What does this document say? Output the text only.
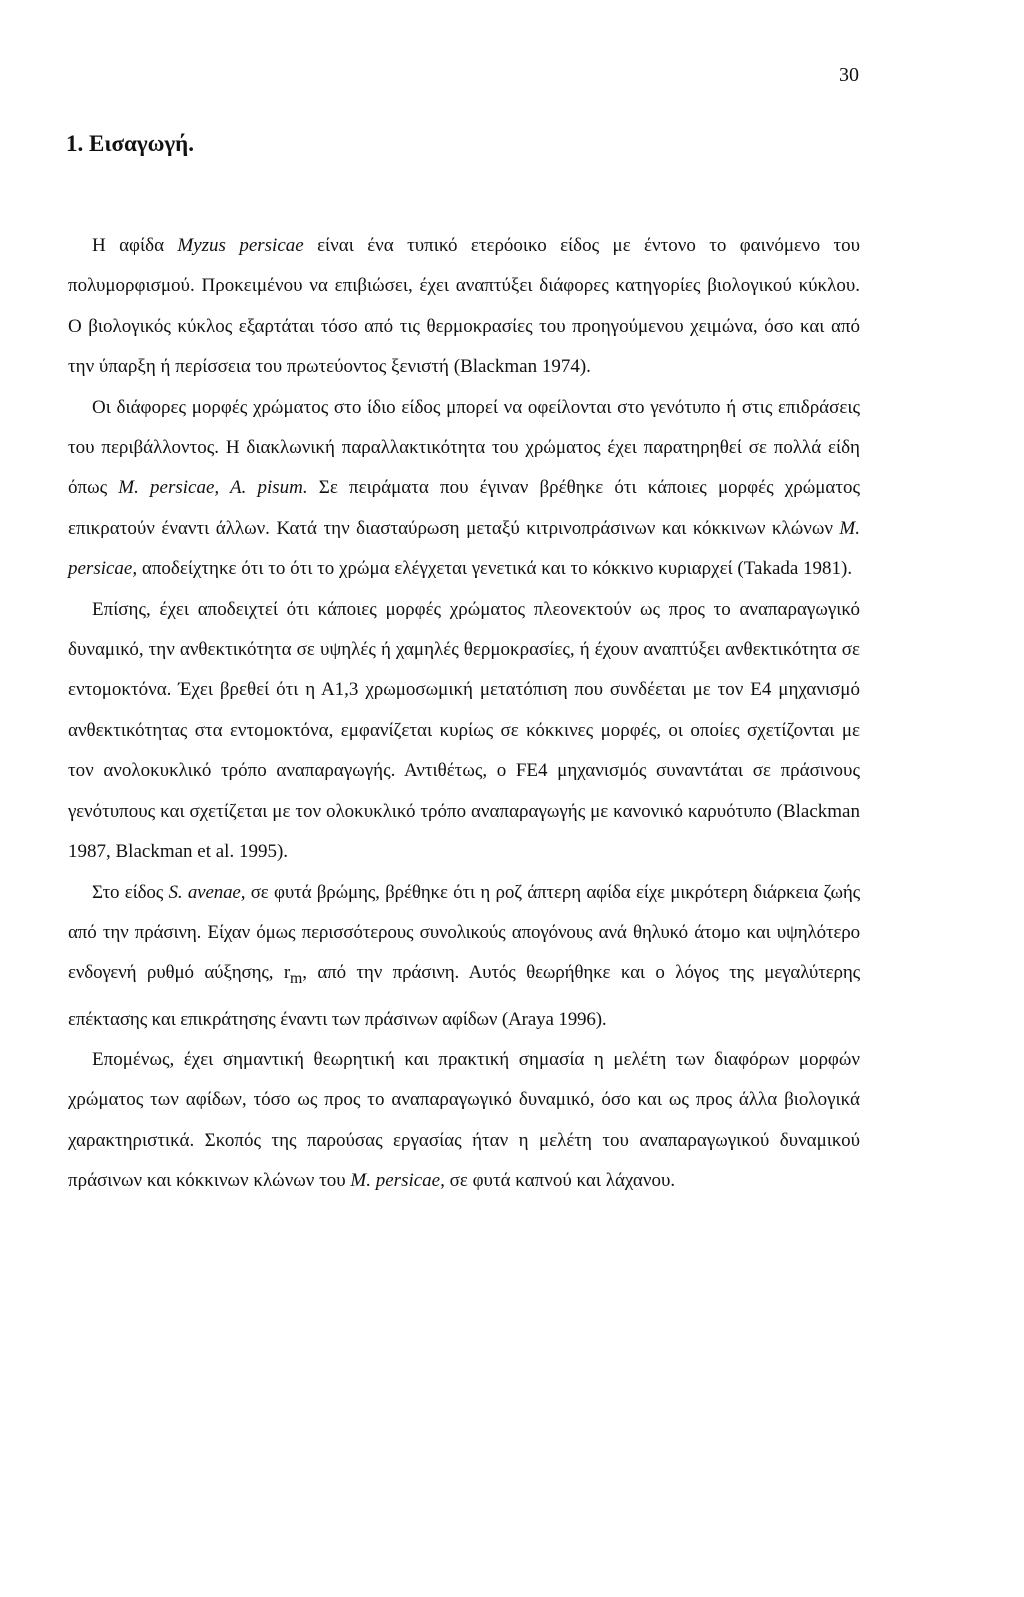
30
1. Εισαγωγή.

Η αφίδα Myzus persicae είναι ένα τυπικό ετερόοικο είδος με έντονο το φαινόμενο του πολυμορφισμού. Προκειμένου να επιβιώσει, έχει αναπτύξει διάφορες κατηγορίες βιολογικού κύκλου. Ο βιολογικός κύκλος εξαρτάται τόσο από τις θερμοκρασίες του προηγούμενου χειμώνα, όσο και από την ύπαρξη ή περίσσεια του πρωτεύοντος ξενιστή (Blackman 1974).

Οι διάφορες μορφές χρώματος στο ίδιο είδος μπορεί να οφείλονται στο γενότυπο ή στις επιδράσεις του περιβάλλοντος. Η διακλωνική παραλλακτικότητα του χρώματος έχει παρατηρηθεί σε πολλά είδη όπως M. persicae, A. pisum. Σε πειράματα που έγιναν βρέθηκε ότι κάποιες μορφές χρώματος επικρατούν έναντι άλλων. Κατά την διασταύρωση μεταξύ κιτρινοπράσινων και κόκκινων κλώνων M. persicae, αποδείχτηκε ότι το ότι το χρώμα ελέγχεται γενετικά και το κόκκινο κυριαρχεί (Takada 1981).

Επίσης, έχει αποδειχτεί ότι κάποιες μορφές χρώματος πλεονεκτούν ως προς το αναπαραγωγικό δυναμικό, την ανθεκτικότητα σε υψηλές ή χαμηλές θερμοκρασίες, ή έχουν αναπτύξει ανθεκτικότητα σε εντομοκτόνα. Έχει βρεθεί ότι η Α1,3 χρωμοσωμική μετατόπιση που συνδέεται με τον Ε4 μηχανισμό ανθεκτικότητας στα εντομοκτόνα, εμφανίζεται κυρίως σε κόκκινες μορφές, οι οποίες σχετίζονται με τον ανολοκυκλικό τρόπο αναπαραγωγής. Αντιθέτως, ο FE4 μηχανισμός συναντάται σε πράσινους γενότυπους και σχετίζεται με τον ολοκυκλικό τρόπο αναπαραγωγής με κανονικό καρυότυπο (Blackman 1987, Blackman et al. 1995).

Στο είδος S. avenae, σε φυτά βρώμης, βρέθηκε ότι η ροζ άπτερη αφίδα είχε μικρότερη διάρκεια ζωής από την πράσινη. Είχαν όμως περισσότερους συνολικούς απογόνους ανά θηλυκό άτομο και υψηλότερο ενδογενή ρυθμό αύξησης, $r_m$, από την πράσινη. Αυτός θεωρήθηκε και ο λόγος της μεγαλύτερης επέκτασης και επικράτησης έναντι των πράσινων αφίδων (Araya 1996).

Επομένως, έχει σημαντική θεωρητική και πρακτική σημασία η μελέτη των διαφόρων μορφών χρώματος των αφίδων, τόσο ως προς το αναπαραγωγικό δυναμικό, όσο και ως προς άλλα βιολογικά χαρακτηριστικά. Σκοπός της παρούσας εργασίας ήταν η μελέτη του αναπαραγωγικού δυναμικού πράσινων και κόκκινων κλώνων του M. persicae, σε φυτά καπνού και λάχανου.
